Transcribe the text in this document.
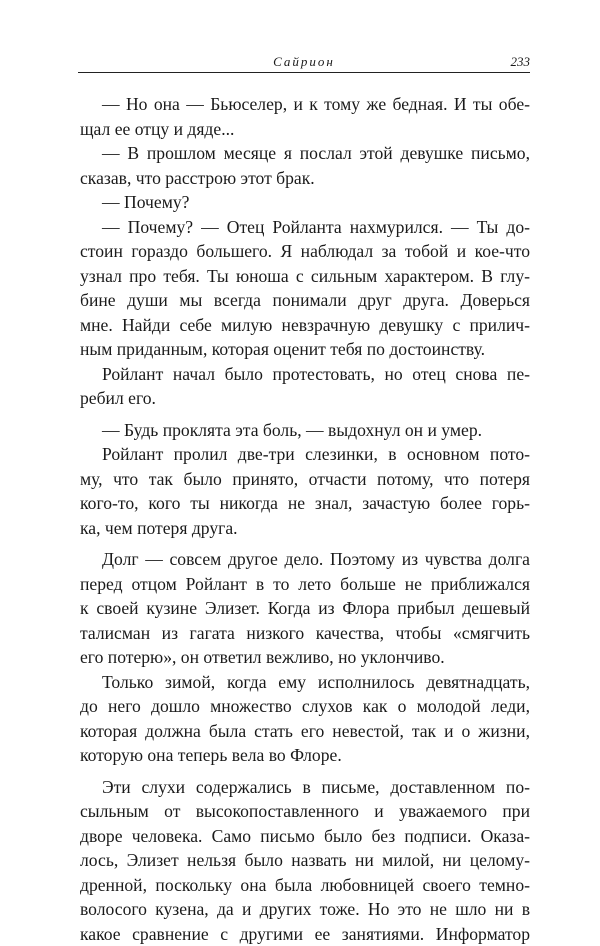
Сайрион	233
— Но она — Бьюселер, и к тому же бедная. И ты обе-
щал ее отцу и дяде...
— В прошлом месяце я послал этой девушке письмо,
сказав, что расстрою этот брак.
— Почему?
— Почему? — Отец Ройланта нахмурился. — Ты до-
стоин гораздо большего. Я наблюдал за тобой и кое-что
узнал про тебя. Ты юноша с сильным характером. В глу-
бине души мы всегда понимали друг друга. Доверься
мне. Найди себе милую невзрачную девушку с прилич-
ным приданным, которая оценит тебя по достоинству.
Ройлант начал было протестовать, но отец снова пе-
ребил его.
— Будь проклята эта боль, — выдохнул он и умер.
Ройлант пролил две-три слезинки, в основном пото-
му, что так было принято, отчасти потому, что потеря
кого-то, кого ты никогда не знал, зачастую более горь-
ка, чем потеря друга.
Долг — совсем другое дело. Поэтому из чувства долга
перед отцом Ройлант в то лето больше не приближался
к своей кузине Элизет. Когда из Флора прибыл дешевый
талисман из гагата низкого качества, чтобы «смягчить
его потерю», он ответил вежливо, но уклончиво.
Только зимой, когда ему исполнилось девятнадцать,
до него дошло множество слухов как о молодой леди,
которая должна была стать его невестой, так и о жизни,
которую она теперь вела во Флоре.
Эти слухи содержались в письме, доставленном по-
сыльным от высокопоставленного и уважаемого при
дворе человека. Само письмо было без подписи. Оказа-
лось, Элизет нельзя было назвать ни милой, ни целому-
дренной, поскольку она была любовницей своего темно-
волосого кузена, да и других тоже. Но это не шло ни в
какое сравнение с другими ее занятиями. Информатор
